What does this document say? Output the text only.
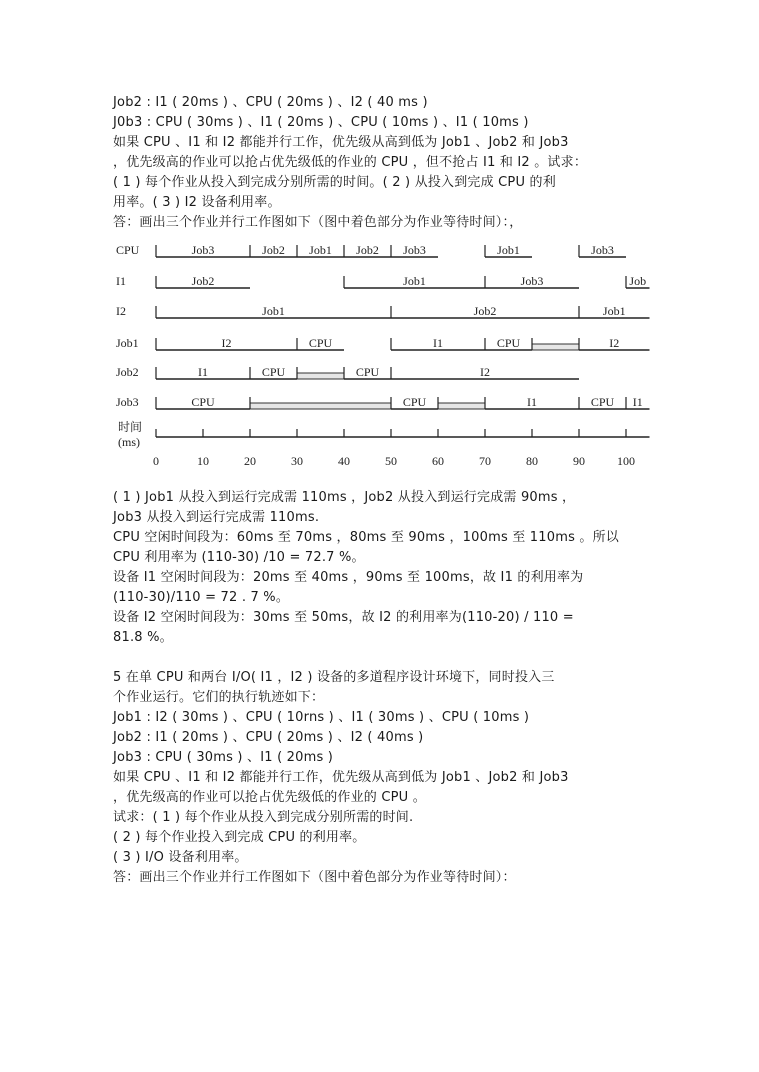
Job2 : I1 ( 20ms ) 、CPU ( 20ms ) 、I2 ( 40 ms )
J0b3 : CPU ( 30ms ) 、I1 ( 20ms ) 、CPU ( 10ms ) 、I1 ( 10ms )
如果 CPU 、I1 和 I2 都能并行工作，优先级从高到低为 Job1 、Job2 和 Job3
，优先级高的作业可以抢占优先级低的作业的 CPU ，但不抢占 I1 和 I2 。试求：
( 1 ) 每个作业从投入到完成分别所需的时间。( 2 ) 从投入到完成 CPU 的利
用率。( 3 ) I2 设备利用率。
答：画出三个作业并行工作图如下（图中着色部分为作业等待时间）：，
CPU	Job3	Job2 Job1 Job2 Job3	Job1	Job3
I1	Job2	Job1	Job3	Job
I2	Job1	Job2	Job1
Job1	I2	CPU	I1	CPU	I2
Job2	I1	CPU	CPU	I2
Job3	CPU	CPU	I1	CPU I1
时间
(ms)
0	10	20	30	40	50	60	70	80	90	100
( 1 ) Job1 从投入到运行完成需 110ms ，Job2 从投入到运行完成需 90ms ，
Job3 从投入到运行完成需 110ms.
CPU 空闲时间段为：60ms 至 70ms ，80ms 至 90ms ，100ms 至 110ms 。所以
CPU 利用率为 (110-30) /10 = 72.7 %。
设备 I1 空闲时间段为：20ms 至 40ms ，90ms 至 100ms，故 I1 的利用率为
(110-30)/110 = 72 . 7 %。
设备 I2 空闲时间段为：30ms 至 50ms，故 I2 的利用率为(110-20) / 110 =
81.8 %。
5 在单 CPU 和两台 I/O( I1 ，I2 ) 设备的多道程序设计环境下，同时投入三
个作业运行。它们的执行轨迹如下：
Job1 : I2 ( 30ms ) 、CPU ( 10rns ) 、I1 ( 30ms ) 、CPU ( 10ms )
Job2 : I1 ( 20ms ) 、CPU ( 20ms ) 、I2 ( 40ms )
Job3 : CPU ( 30ms ) 、I1 ( 20ms )
如果 CPU 、I1 和 I2 都能并行工作，优先级从高到低为 Job1 、Job2 和 Job3
，优先级高的作业可以抢占优先级低的作业的 CPU 。
试求：( 1 ) 每个作业从投入到完成分别所需的时间.
( 2 ) 每个作业投入到完成 CPU 的利用率。
( 3 ) I/O 设备利用率。
答：画出三个作业并行工作图如下（图中着色部分为作业等待时间）：
